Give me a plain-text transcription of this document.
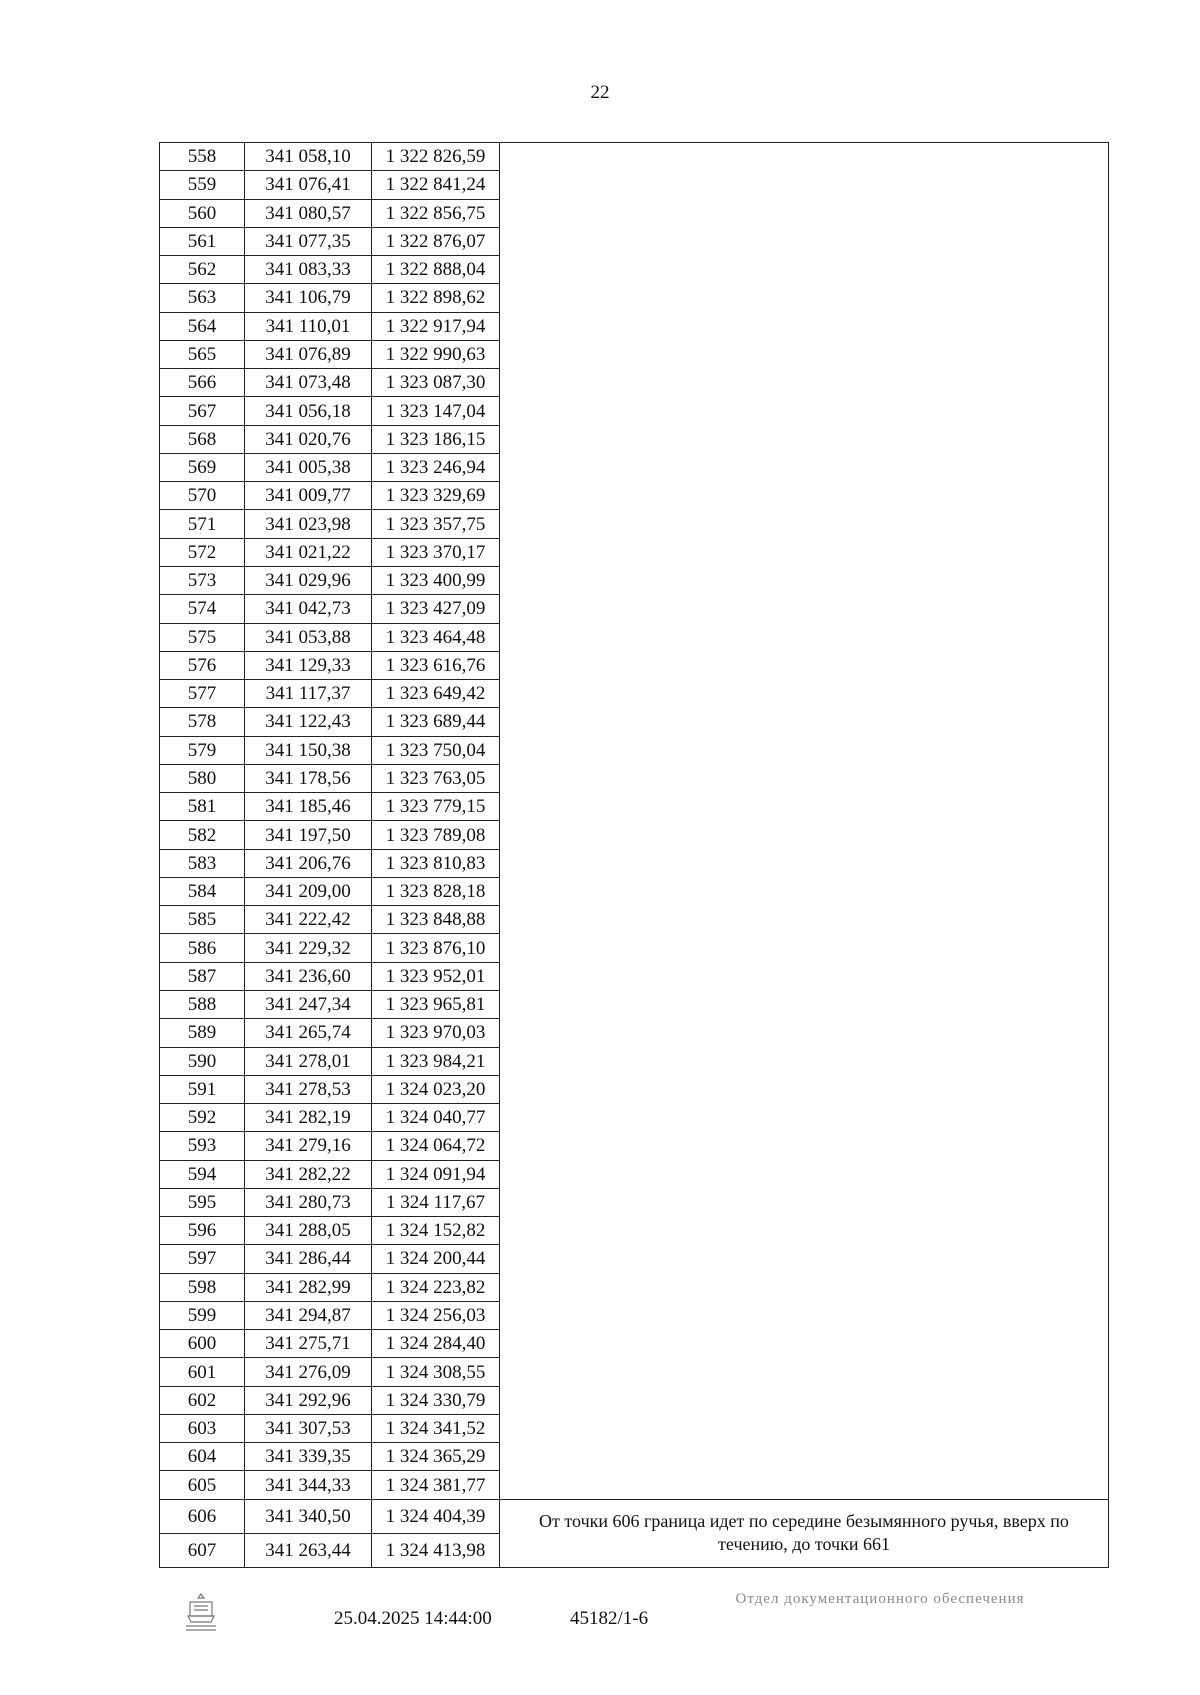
22
558	341 058,10	1 322 826,59	
559	341 076,41	1 322 841,24	
560	341 080,57	1 322 856,75	
561	341 077,35	1 322 876,07	
562	341 083,33	1 322 888,04	
563	341 106,79	1 322 898,62	
564	341 110,01	1 322 917,94	
565	341 076,89	1 322 990,63	
566	341 073,48	1 323 087,30	
567	341 056,18	1 323 147,04	
568	341 020,76	1 323 186,15	
569	341 005,38	1 323 246,94	
570	341 009,77	1 323 329,69	
571	341 023,98	1 323 357,75	
572	341 021,22	1 323 370,17	
573	341 029,96	1 323 400,99	
574	341 042,73	1 323 427,09	
575	341 053,88	1 323 464,48	
576	341 129,33	1 323 616,76	
577	341 117,37	1 323 649,42	
578	341 122,43	1 323 689,44	
579	341 150,38	1 323 750,04	
580	341 178,56	1 323 763,05	
581	341 185,46	1 323 779,15	
582	341 197,50	1 323 789,08	
583	341 206,76	1 323 810,83	
584	341 209,00	1 323 828,18	
585	341 222,42	1 323 848,88	
586	341 229,32	1 323 876,10	
587	341 236,60	1 323 952,01	
588	341 247,34	1 323 965,81	
589	341 265,74	1 323 970,03	
590	341 278,01	1 323 984,21	
591	341 278,53	1 324 023,20	
592	341 282,19	1 324 040,77	
593	341 279,16	1 324 064,72	
594	341 282,22	1 324 091,94	
595	341 280,73	1 324 117,67	
596	341 288,05	1 324 152,82	
597	341 286,44	1 324 200,44	
598	341 282,99	1 324 223,82	
599	341 294,87	1 324 256,03	
600	341 275,71	1 324 284,40	
601	341 276,09	1 324 308,55	
602	341 292,96	1 324 330,79	
603	341 307,53	1 324 341,52	
604	341 339,35	1 324 365,29	
605	341 344,33	1 324 381,77	
606	341 340,50	1 324 404,39	От точки 606 граница идет по середине безымянного ручья, вверх по течению, до точки 661
607	341 263,44	1 324 413,98	
25.04.2025 14:44:00	45182/1-6
Отдел документационного обеспечения
